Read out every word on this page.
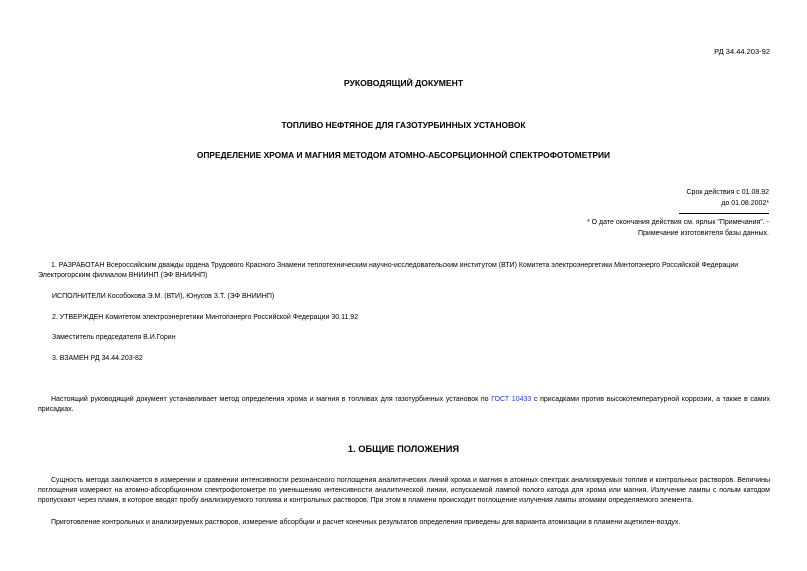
РД 34.44.203-92
РУКОВОДЯЩИЙ ДОКУМЕНТ
ТОПЛИВО НЕФТЯНОЕ ДЛЯ ГАЗОТУРБИННЫХ УСТАНОВОК
ОПРЕДЕЛЕНИЕ ХРОМА И МАГНИЯ МЕТОДОМ АТОМНО-АБСОРБЦИОННОЙ СПЕКТРОФОТОМЕТРИИ
Срок действия с 01.08.92
до 01.08.2002*
* О дате окончания действия см. ярлык "Примечания". -
Примечание изготовителя базы данных.
1. РАЗРАБОТАН Всероссийским дважды ордена Трудового Красного Знамени теплотехническим научно-исследовательским институтом (ВТИ) Комитета электроэнергетики Минтопэнерго Российской Федерации Электрогорским филиалом ВНИИНП (ЭФ ВНИИНП)
ИСПОЛНИТЕЛИ Кособокова Э.М. (ВТИ), Юнусов З.Т. (ЭФ ВНИИНП)
2. УТВЕРЖДЕН Комитетом электроэнергетики Минтопэнерго Российской Федерации 30.11.92
Заместитель председателя В.И.Горин
3. ВЗАМЕН РД 34.44.203-82
Настоящий руководящий документ устанавливает метод определения хрома и магния в топливах для газотурбинных установок по ГОСТ 10433 с присадками против высокотемпературной коррозии, а также в самих присадках.
1. ОБЩИЕ ПОЛОЖЕНИЯ
Сущность метода заключается в измерении и сравнении интенсивности резонансного поглощения аналитических линий хрома и магния в атомных спектрах анализируемых топлив и контрольных растворов. Величины поглощения измеряют на атомно-абсорбционном спектрофотометре по уменьшению интенсивности аналитической линии, испускаемой лампой полого катода для хрома или магния. Излучение лампы с полым катодом пропускают через пламя, в которое вводят пробу анализируемого топлива и контрольных растворов. При этом в пламени происходит поглощение излучения лампы атомами определяемого элемента.
Приготовление контрольных и анализируемых растворов, измерение абсорбции и расчет конечных результатов определения приведены для варианта атомизации в пламени ацетилен-воздух.
